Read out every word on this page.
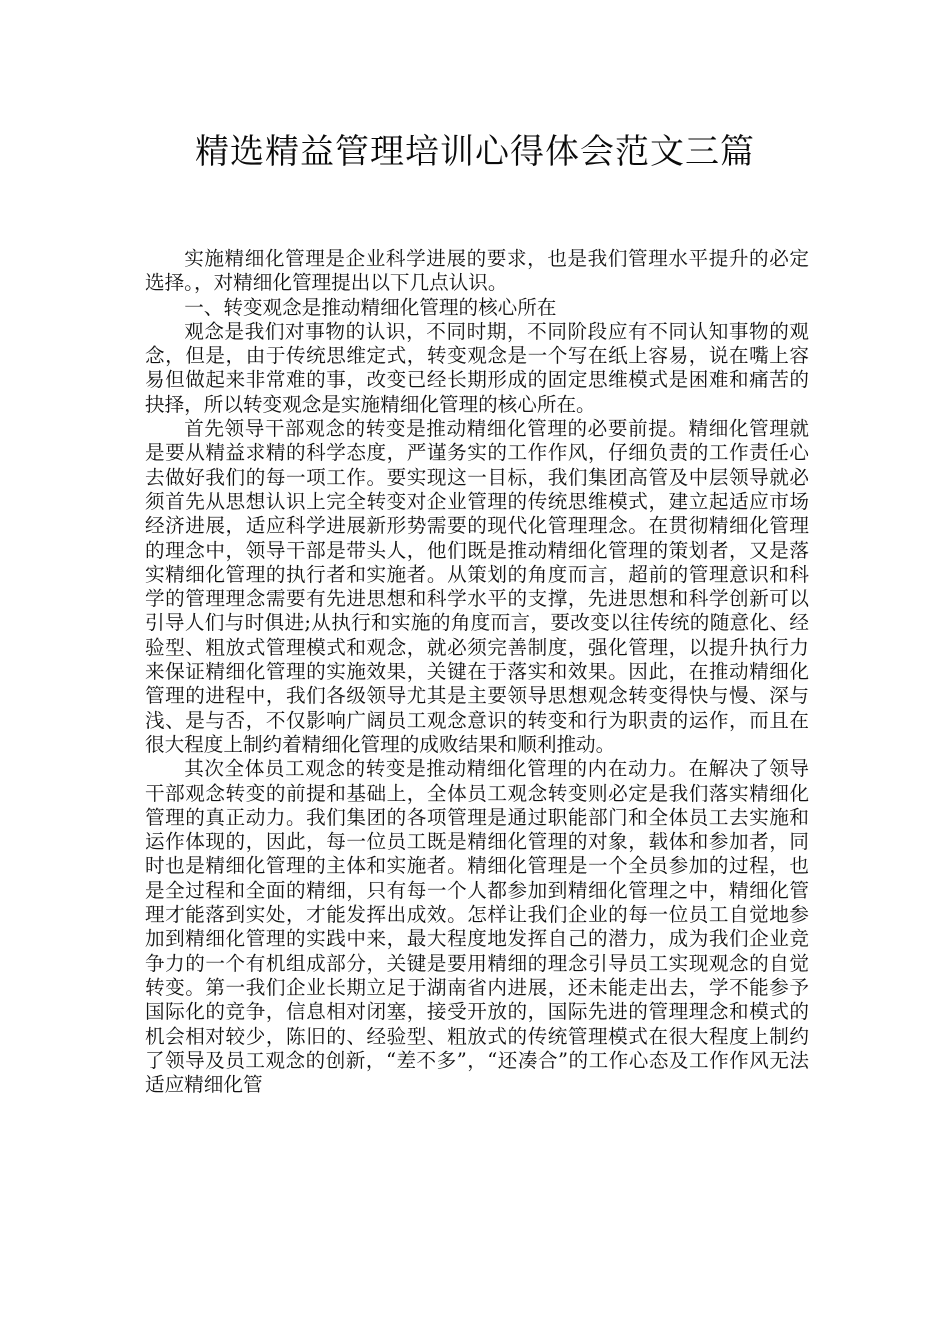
精选精益管理培训心得体会范文三篇

实施精细化管理是企业科学进展的要求，也是我们管理水平提升的必定选择。，对精细化管理提出以下几点认识。

一、转变观念是推动精细化管理的核心所在

观念是我们对事物的认识，不同时期，不同阶段应有不同认知事物的观念，但是，由于传统思维定式，转变观念是一个写在纸上容易，说在嘴上容易但做起来非常难的事，改变已经长期形成的固定思维模式是困难和痛苦的抉择，所以转变观念是实施精细化管理的核心所在。

首先领导干部观念的转变是推动精细化管理的必要前提。精细化管理就是要从精益求精的科学态度，严谨务实的工作作风，仔细负责的工作责任心去做好我们的每一项工作。要实现这一目标，我们集团高管及中层领导就必须首先从思想认识上完全转变对企业管理的传统思维模式，建立起适应市场经济进展，适应科学进展新形势需要的现代化管理理念。在贯彻精细化管理的理念中，领导干部是带头人，他们既是推动精细化管理的策划者，又是落实精细化管理的执行者和实施者。从策划的角度而言，超前的管理意识和科学的管理理念需要有先进思想和科学水平的支撑，先进思想和科学创新可以引导人们与时俱进;从执行和实施的角度而言，要改变以往传统的随意化、经验型、粗放式管理模式和观念，就必须完善制度，强化管理，以提升执行力来保证精细化管理的实施效果，关键在于落实和效果。因此，在推动精细化管理的进程中，我们各级领导尤其是主要领导思想观念转变得快与慢、深与浅、是与否，不仅影响广阔员工观念意识的转变和行为职责的运作，而且在很大程度上制约着精细化管理的成败结果和顺利推动。

其次全体员工观念的转变是推动精细化管理的内在动力。在解决了领导干部观念转变的前提和基础上，全体员工观念转变则必定是我们落实精细化管理的真正动力。我们集团的各项管理是通过职能部门和全体员工去实施和运作体现的，因此，每一位员工既是精细化管理的对象，载体和参加者，同时也是精细化管理的主体和实施者。精细化管理是一个全员参加的过程，也是全过程和全面的精细，只有每一个人都参加到精细化管理之中，精细化管理才能落到实处，才能发挥出成效。怎样让我们企业的每一位员工自觉地参加到精细化管理的实践中来，最大程度地发挥自己的潜力，成为我们企业竞争力的一个有机组成部分，关键是要用精细的理念引导员工实现观念的自觉转变。第一我们企业长期立足于湖南省内进展，还未能走出去，学不能参予国际化的竞争，信息相对闭塞，接受开放的，国际先进的管理理念和模式的机会相对较少，陈旧的、经验型、粗放式的传统管理模式在很大程度上制约了领导及员工观念的创新，“差不多”，“还凑合”的工作心态及工作作风无法适应精细化管
